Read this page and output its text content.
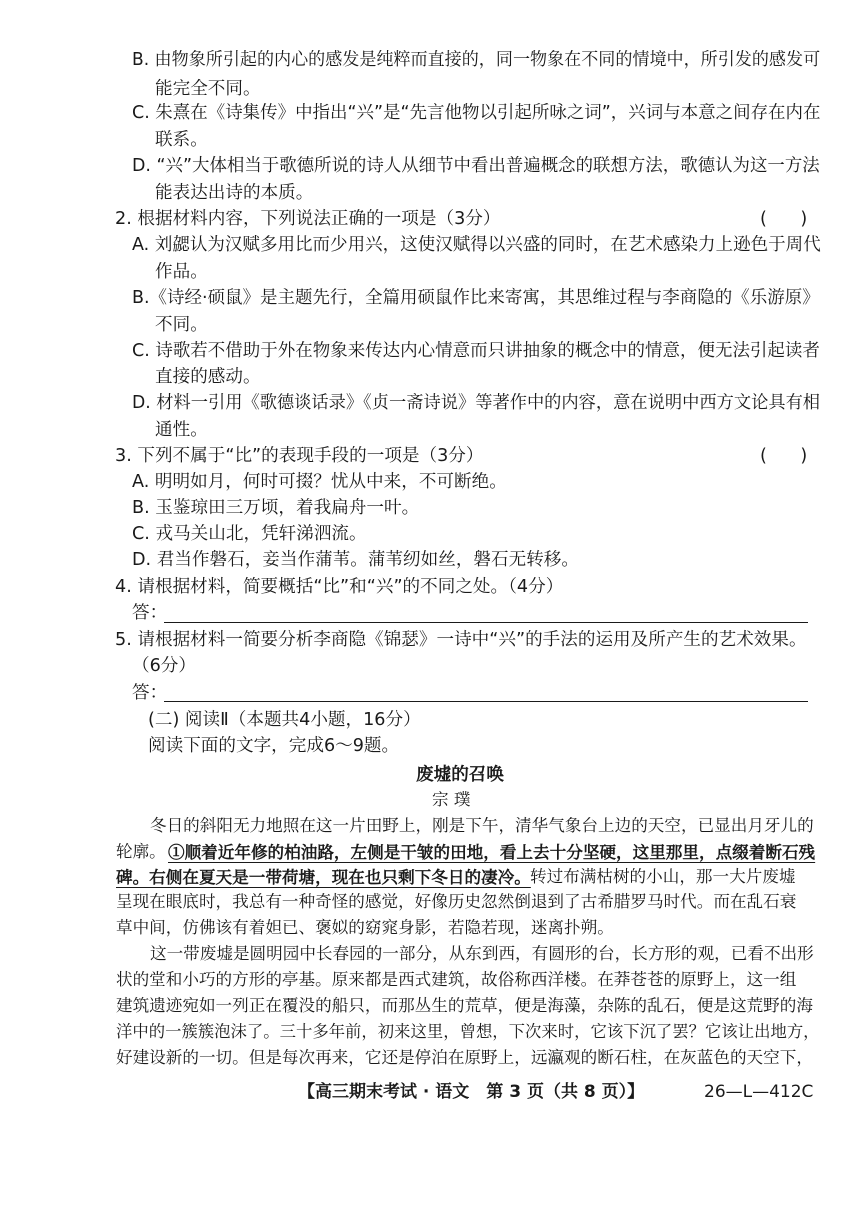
B. 由物象所引起的内心的感发是纯粹而直接的，同一物象在不同的情境中，所引发的感发可
能完全不同。
C. 朱熹在《诗集传》中指出“兴”是“先言他物以引起所咏之词”，兴词与本意之间存在内在
联系。
D. “兴”大体相当于歌德所说的诗人从细节中看出普遍概念的联想方法，歌德认为这一方法
能表达出诗的本质。
2. 根据材料内容，下列说法正确的一项是（3分）	(      )
A. 刘勰认为汉赋多用比而少用兴，这使汉赋得以兴盛的同时，在艺术感染力上逊色于周代
作品。
B.《诗经·硕鼠》是主题先行，全篇用硕鼠作比来寄寓，其思维过程与李商隐的《乐游原》
不同。
C. 诗歌若不借助于外在物象来传达内心情意而只讲抽象的概念中的情意，便无法引起读者
直接的感动。
D. 材料一引用《歌德谈话录》《贞一斋诗说》等著作中的内容，意在说明中西方文论具有相
通性。
3. 下列不属于“比”的表现手段的一项是（3分）	(      )
A. 明明如月，何时可掇？忧从中来，不可断绝。
B. 玉鉴琼田三万顷，着我扁舟一叶。
C. 戎马关山北，凭轩涕泗流。
D. 君当作磐石，妾当作蒲苇。蒲苇纫如丝，磐石无转移。
4. 请根据材料，简要概括“比”和“兴”的不同之处。（4分）
答：
5. 请根据材料一简要分析李商隐《锦瑟》一诗中“兴”的手法的运用及所产生的艺术效果。
（6分）
答：
(二) 阅读Ⅱ（本题共4小题，16分）
阅读下面的文字，完成6～9题。
废墟的召唤
宗 璞
冬日的斜阳无力地照在这一片田野上，刚是下午，清华气象台上边的天空，已显出月牙儿的
轮廓。 ①顺着近年修的柏油路，左侧是干皱的田地，看上去十分坚硬，这里那里，点缀着断石残
碑。右侧在夏天是一带荷塘，现在也只剩下冬日的凄冷。 转过布满枯树的小山，那一大片废墟
呈现在眼底时，我总有一种奇怪的感觉，好像历史忽然倒退到了古希腊罗马时代。而在乱石衰
草中间，仿佛该有着妲已、褒姒的窈窕身影，若隐若现，迷离扑朔。
这一带废墟是圆明园中长春园的一部分，从东到西，有圆形的台，长方形的观，已看不出形
状的堂和小巧的方形的亭基。原来都是西式建筑，故俗称西洋楼。在莽苍苍的原野上，这一组
建筑遗迹宛如一列正在覆没的船只，而那丛生的荒草，便是海藻，杂陈的乱石，便是这荒野的海
洋中的一簇簇泡沫了。三十多年前，初来这里，曾想，下次来时，它该下沉了罢？它该让出地方，
好建设新的一切。但是每次再来，它还是停泊在原野上，远瀛观的断石柱，在灰蓝色的天空下，
【高三期末考试 · 语文　第 3 页（共 8 页）】	26—L—412C
